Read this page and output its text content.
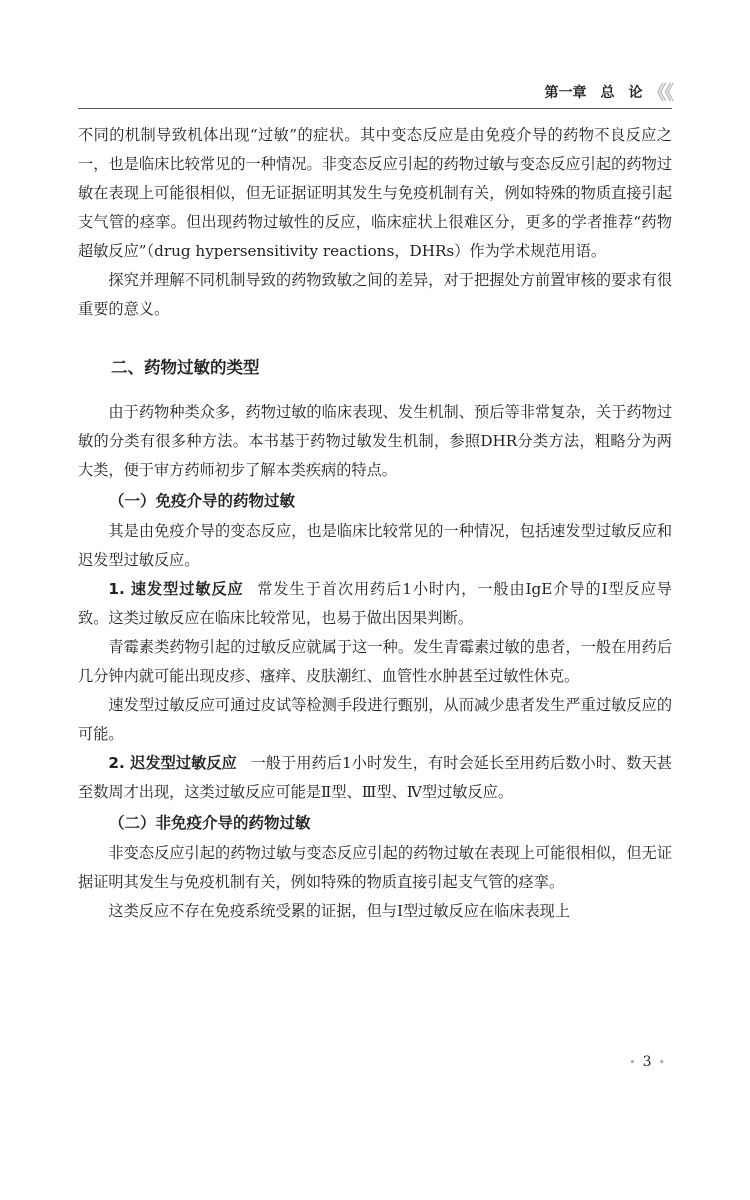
第一章　总　论 《《

不同的机制导致机体出现“过敏”的症状。其中变态反应是由免疫介导的药物不良反应之一，也是临床比较常见的一种情况。非变态反应引起的药物过敏与变态反应引起的药物过敏在表现上可能很相似，但无证据证明其发生与免疫机制有关，例如特殊的物质直接引起支气管的痉挛。但出现药物过敏性的反应，临床症状上很难区分，更多的学者推荐“药物超敏反应”（drug hypersensitivity reactions，DHRs）作为学术规范用语。

探究并理解不同机制导致的药物致敏之间的差异，对于把握处方前置审核的要求有很重要的意义。

二、药物过敏的类型

由于药物种类众多，药物过敏的临床表现、发生机制、预后等非常复杂，关于药物过敏的分类有很多种方法。本书基于药物过敏发生机制，参照DHR分类方法，粗略分为两大类，便于审方药师初步了解本类疾病的特点。

（一）免疫介导的药物过敏

其是由免疫介导的变态反应，也是临床比较常见的一种情况，包括速发型过敏反应和迟发型过敏反应。

1. 速发型过敏反应 常发生于首次用药后1小时内，一般由IgE介导的Ⅰ型反应导致。这类过敏反应在临床比较常见，也易于做出因果判断。

青霉素类药物引起的过敏反应就属于这一种。发生青霉素过敏的患者，一般在用药后几分钟内就可能出现皮疹、瘙痒、皮肤潮红、血管性水肿甚至过敏性休克。

速发型过敏反应可通过皮试等检测手段进行甄别，从而减少患者发生严重过敏反应的可能。

2. 迟发型过敏反应 一般于用药后1小时发生，有时会延长至用药后数小时、数天甚至数周才出现，这类过敏反应可能是Ⅱ型、Ⅲ型、Ⅳ型过敏反应。

（二）非免疫介导的药物过敏

非变态反应引起的药物过敏与变态反应引起的药物过敏在表现上可能很相似，但无证据证明其发生与免疫机制有关，例如特殊的物质直接引起支气管的痉挛。

这类反应不存在免疫系统受累的证据，但与Ⅰ型过敏反应在临床表现上

• 3 •
